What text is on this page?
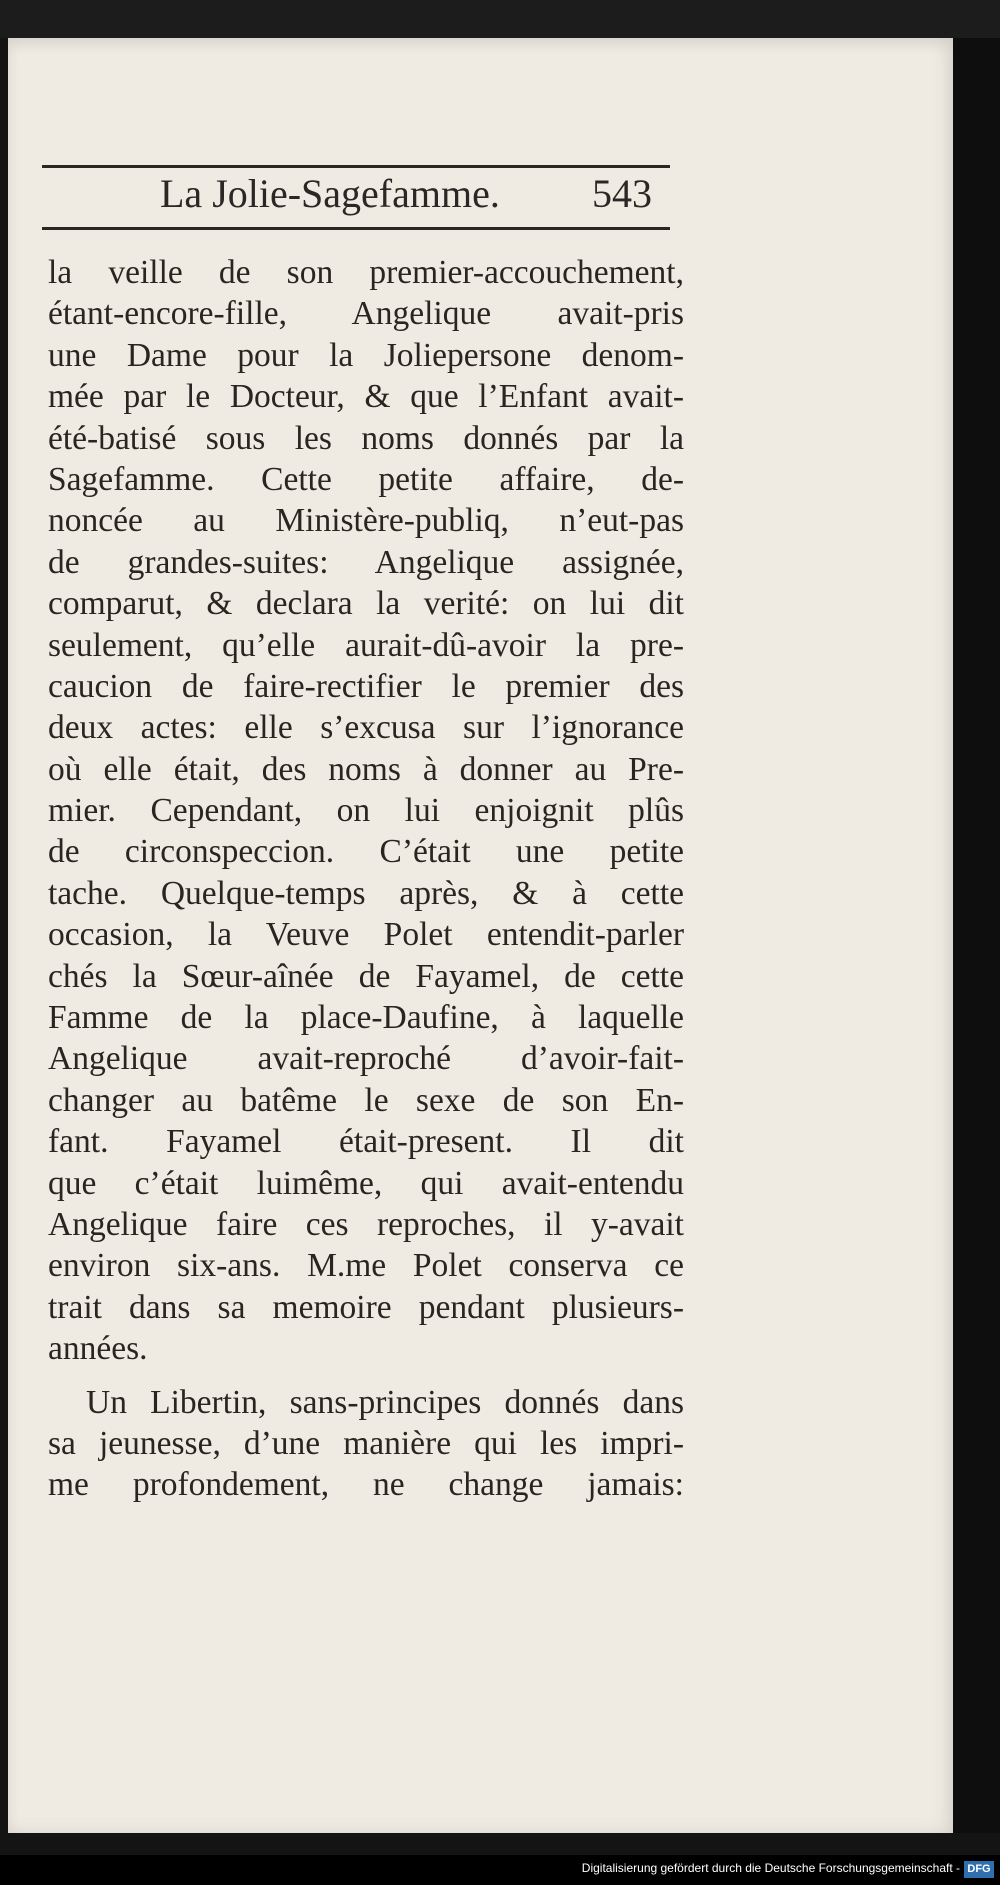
La Jolie-Sagefamme.	543
la veille de son premier-accouchement,
étant-encore-fille, Angelique avait-pris
une Dame pour la Joliepersone denom-
mée par le Docteur, & que l’Enfant avait-
été-batisé sous les noms donnés par la
Sagefamme. Cette petite affaire, de-
noncée au Ministère-publiq, n’eut-pas
de grandes-suites: Angelique assignée,
comparut, & declara la verité: on lui dit
seulement, qu’elle aurait-dû-avoir la pre-
caucion de faire-rectifier le premier des
deux actes: elle s’excusa sur l’ignorance
où elle était, des noms à donner au Pre-
mier. Cependant, on lui enjoignit plûs
de circonspeccion. C’était une petite
tache. Quelque-temps après, & à cette
occasion, la Veuve Polet entendit-parler
chés la Sœur-aînée de Fayamel, de cette
Famme de la place-Daufine, à laquelle
Angelique avait-reproché d’avoir-fait-
changer au batême le sexe de son En-
fant. Fayamel était-present. Il dit
que c’était luimême, qui avait-entendu
Angelique faire ces reproches, il y-avait
environ six-ans. M.me Polet conserva ce
trait dans sa memoire pendant plusieurs-
années.
Un Libertin, sans-principes donnés dans
sa jeunesse, d’une manière qui les impri-
me profondement, ne change jamais:
Digitalisierung gefördert durch die Deutsche Forschungsgemeinschaft - DFG
